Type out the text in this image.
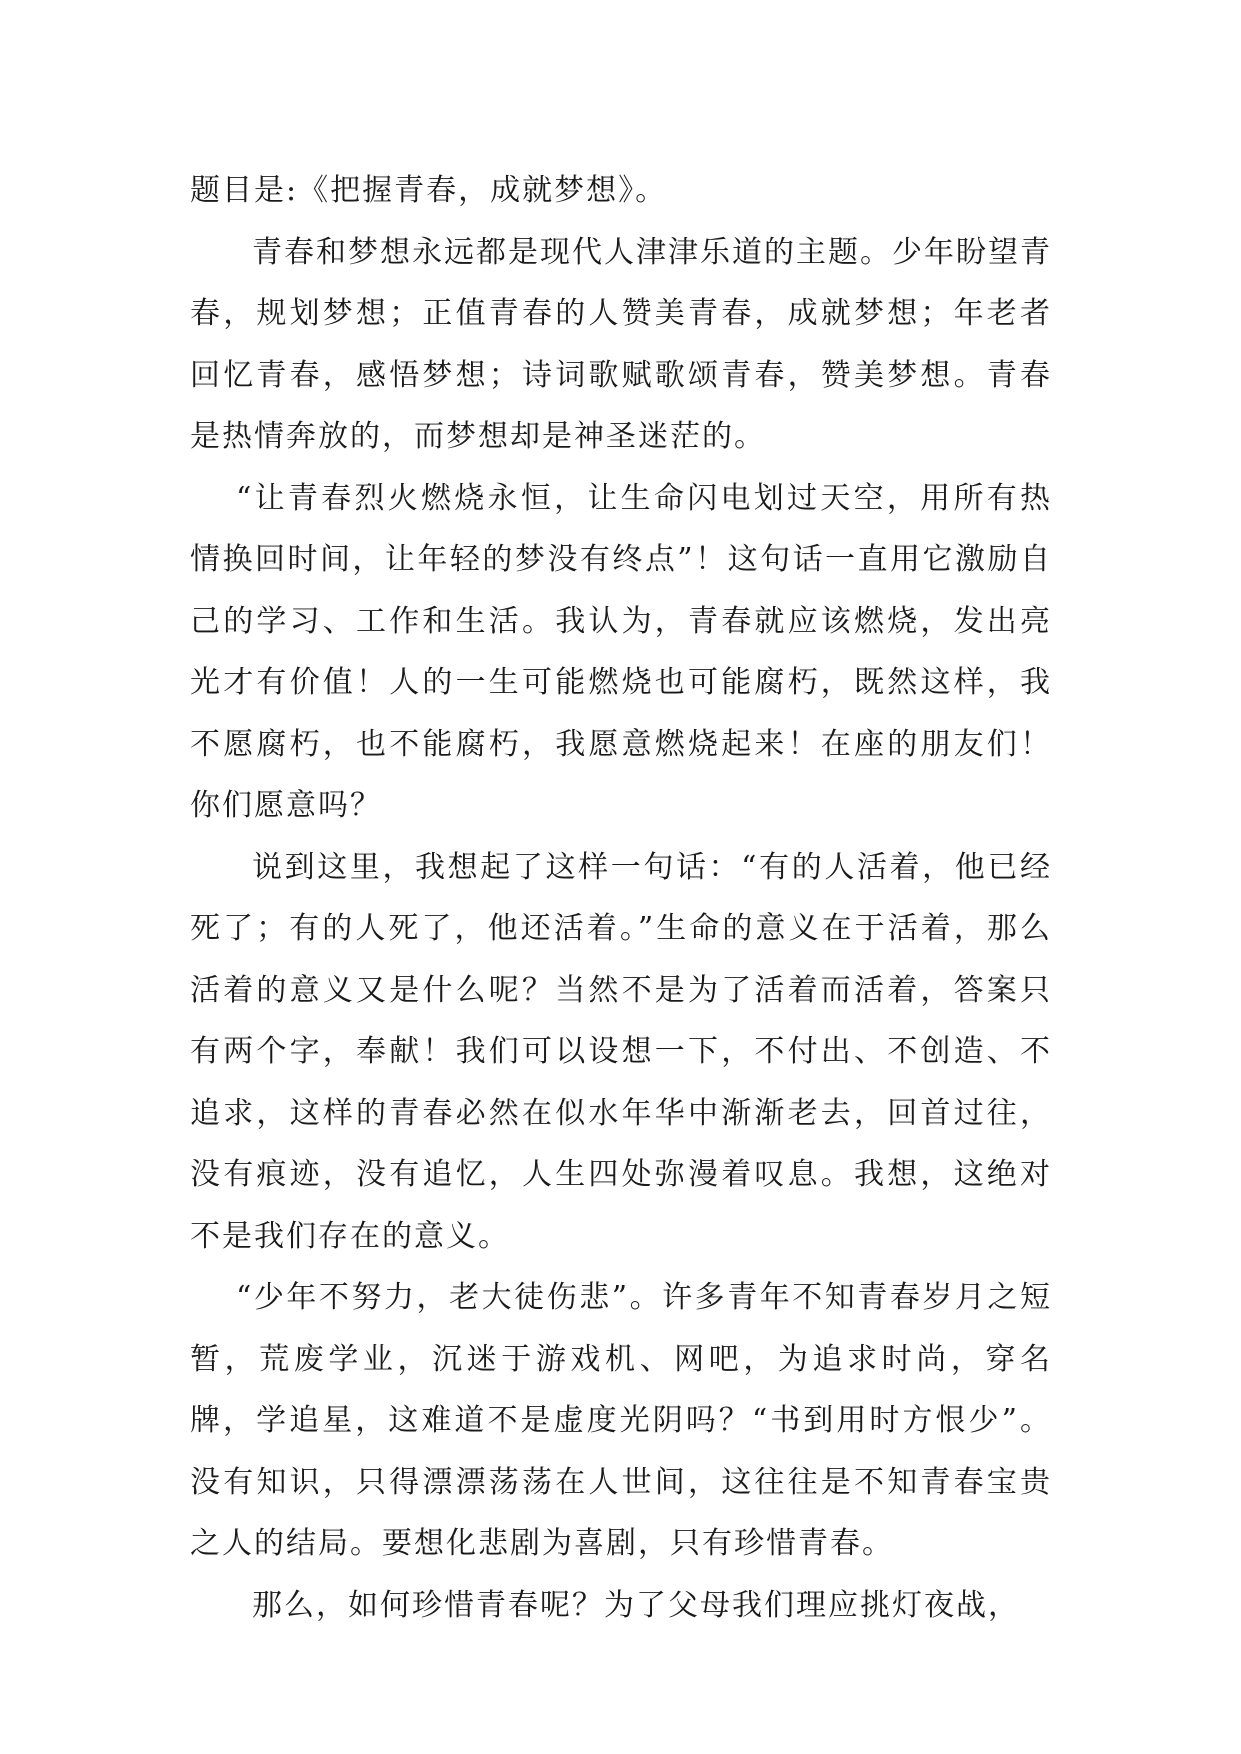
题目是:《把握青春，成就梦想》。

青春和梦想永远都是现代人津津乐道的主题。少年盼望青春，规划梦想；正值青春的人赞美青春，成就梦想；年老者回忆青春，感悟梦想；诗词歌赋歌颂青春，赞美梦想。青春是热情奔放的，而梦想却是神圣迷茫的。

“让青春烈火燃烧永恒，让生命闪电划过天空，用所有热情换回时间，让年轻的梦没有终点”！这句话一直用它激励自己的学习、工作和生活。我认为，青春就应该燃烧，发出亮光才有价值！人的一生可能燃烧也可能腐朽，既然这样，我不愿腐朽，也不能腐朽，我愿意燃烧起来！在座的朋友们！你们愿意吗？

说到这里，我想起了这样一句话：“有的人活着，他已经死了；有的人死了，他还活着。”生命的意义在于活着，那么活着的意义又是什么呢？当然不是为了活着而活着，答案只有两个字，奉献！我们可以设想一下，不付出、不创造、不追求，这样的青春必然在似水年华中渐渐老去，回首过往，没有痕迹，没有追忆，人生四处弥漫着叹息。我想，这绝对不是我们存在的意义。

“少年不努力，老大徒伤悲”。许多青年不知青春岁月之短暂，荒废学业，沉迷于游戏机、网吧，为追求时尚，穿名牌，学追星，这难道不是虚度光阴吗？“书到用时方恨少”。没有知识，只得漂漂荡荡在人世间，这往往是不知青春宝贵之人的结局。要想化悲剧为喜剧，只有珍惜青春。

那么，如何珍惜青春呢？为了父母我们理应挑灯夜战，
